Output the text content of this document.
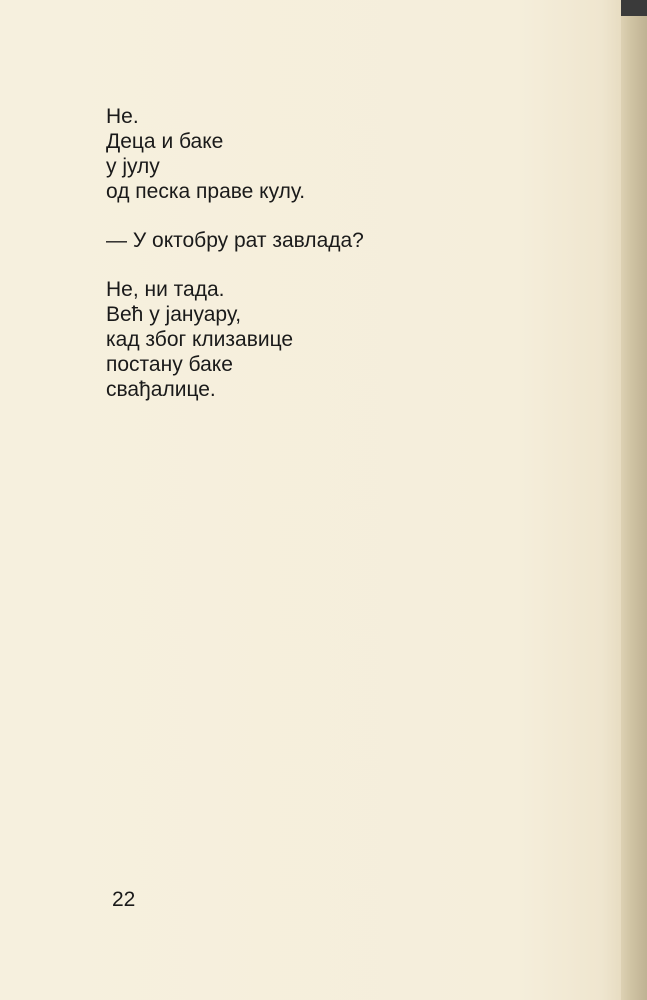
Не.
Деца и баке
у јулу
од песка праве кулу.
— У октобру рат завлада?
Не, ни тада.
Већ у јануару,
кад због клизавице
постану баке
свађалице.
22
